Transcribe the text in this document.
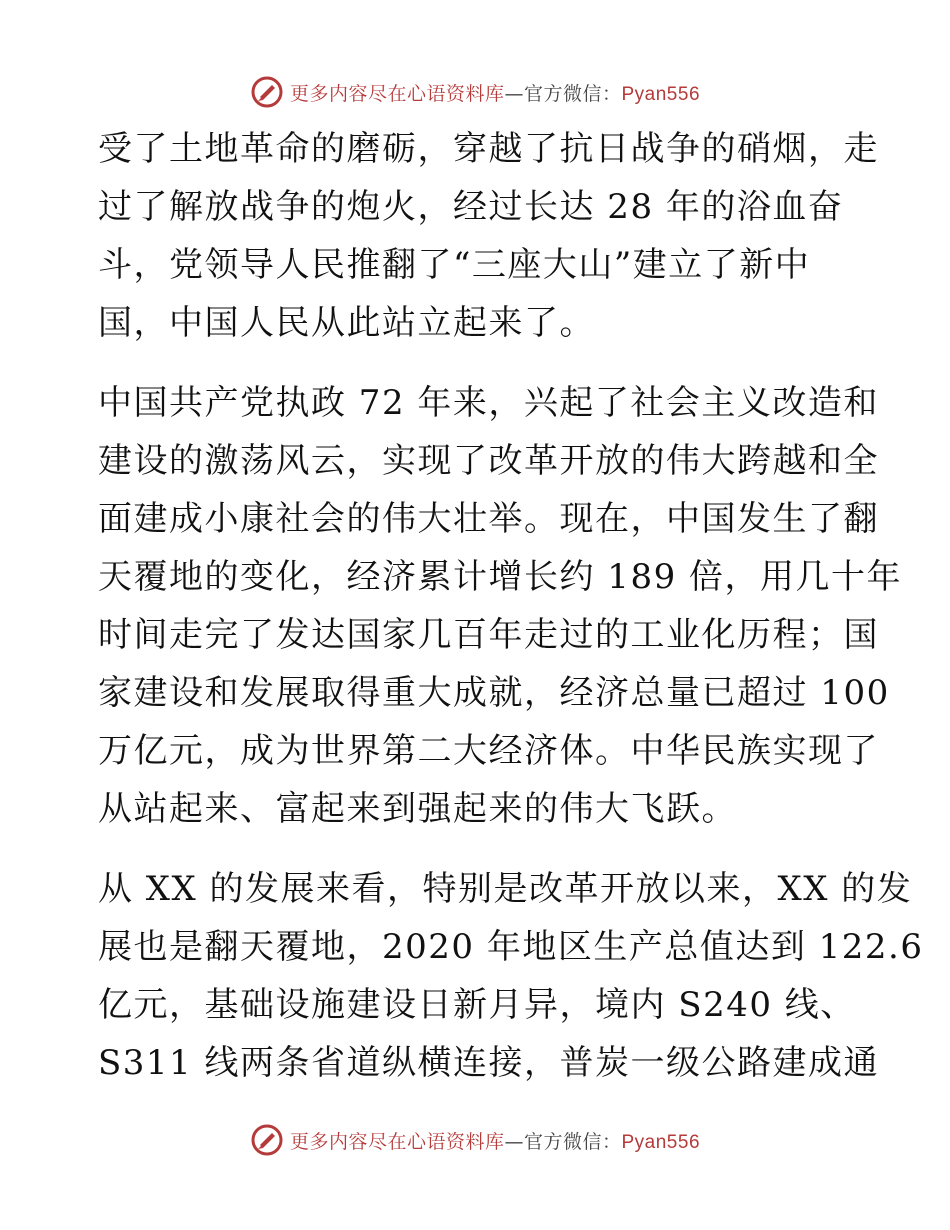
更多内容尽在心语资料库—官方微信：Pyan556
受了土地革命的磨砺，穿越了抗日战争的硝烟，走
过了解放战争的炮火，经过长达 28 年的浴血奋
斗，党领导人民推翻了“三座大山”建立了新中
国，中国人民从此站立起来了。
中国共产党执政 72 年来，兴起了社会主义改造和
建设的激荡风云，实现了改革开放的伟大跨越和全
面建成小康社会的伟大壮举。现在，中国发生了翻
天覆地的变化，经济累计增长约 189 倍，用几十年
时间走完了发达国家几百年走过的工业化历程；国
家建设和发展取得重大成就，经济总量已超过 100
万亿元，成为世界第二大经济体。中华民族实现了
从站起来、富起来到强起来的伟大飞跃。
从 XX 的发展来看，特别是改革开放以来，XX 的发
展也是翻天覆地，2020 年地区生产总值达到 122.6
亿元，基础设施建设日新月异，境内 S240 线、
S311 线两条省道纵横连接，普炭一级公路建成通
更多内容尽在心语资料库—官方微信：Pyan556
